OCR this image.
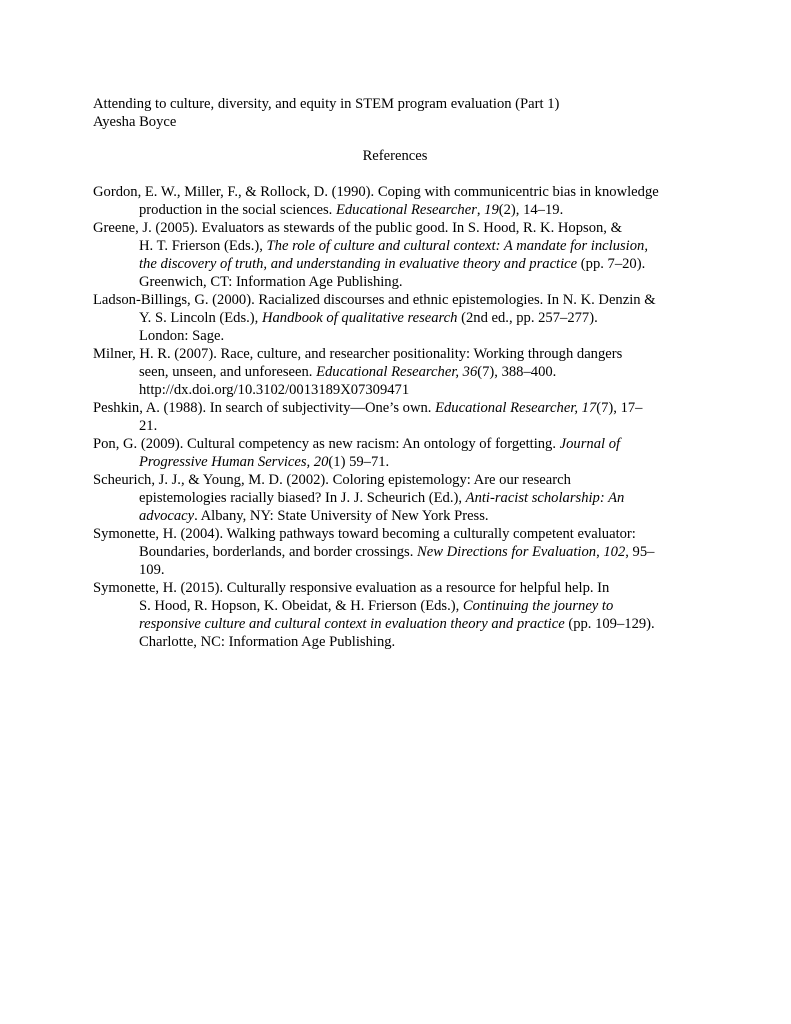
Attending to culture, diversity, and equity in STEM program evaluation (Part 1)
Ayesha Boyce
References
Gordon, E. W., Miller, F., & Rollock, D. (1990). Coping with communicentric bias in knowledge
production in the social sciences. Educational Researcher, 19(2), 14–19.
Greene, J. (2005). Evaluators as stewards of the public good. In S. Hood, R. K. Hopson, &
H. T. Frierson (Eds.), The role of culture and cultural context: A mandate for inclusion,
the discovery of truth, and understanding in evaluative theory and practice (pp. 7–20).
Greenwich, CT: Information Age Publishing.
Ladson-Billings, G. (2000). Racialized discourses and ethnic epistemologies. In N. K. Denzin &
Y. S. Lincoln (Eds.), Handbook of qualitative research (2nd ed., pp. 257–277).
London: Sage.
Milner, H. R. (2007). Race, culture, and researcher positionality: Working through dangers
seen, unseen, and unforeseen. Educational Researcher, 36(7), 388–400.
http://dx.doi.org/10.3102/0013189X07309471
Peshkin, A. (1988). In search of subjectivity—One’s own. Educational Researcher, 17(7), 17–
21.
Pon, G. (2009). Cultural competency as new racism: An ontology of forgetting. Journal of
Progressive Human Services, 20(1) 59–71.
Scheurich, J. J., & Young, M. D. (2002). Coloring epistemology: Are our research
epistemologies racially biased? In J. J. Scheurich (Ed.), Anti-racist scholarship: An
advocacy. Albany, NY: State University of New York Press.
Symonette, H. (2004). Walking pathways toward becoming a culturally competent evaluator:
Boundaries, borderlands, and border crossings. New Directions for Evaluation, 102, 95–
109.
Symonette, H. (2015). Culturally responsive evaluation as a resource for helpful help. In
S. Hood, R. Hopson, K. Obeidat, & H. Frierson (Eds.), Continuing the journey to
responsive culture and cultural context in evaluation theory and practice (pp. 109–129).
Charlotte, NC: Information Age Publishing.
